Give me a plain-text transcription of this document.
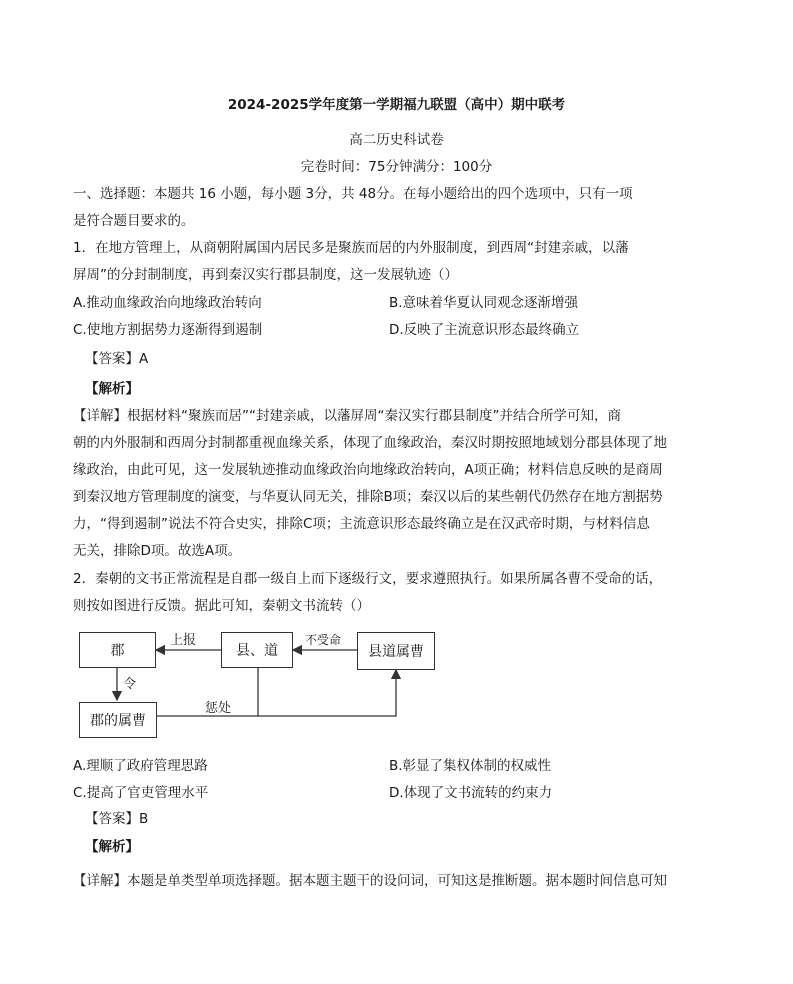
2024-2025学年度第一学期福九联盟（高中）期中联考
高二历史科试卷
完卷时间：75分钟满分：100分
一、选择题：本题共 16 小题，每小题 3分，共 48分。在每小题给出的四个选项中，只有一项
是符合题目要求的。
1．在地方管理上，从商朝附属国内居民多是聚族而居的内外服制度，到西周“封建亲戚，以藩
屏周”的分封制制度，再到秦汉实行郡县制度，这一发展轨迹（）
A.推动血缘政治向地缘政治转向	B.意味着华夏认同观念逐渐增强
C.使地方割据势力逐渐得到遏制	D.反映了主流意识形态最终确立
【答案】A
【解析】
【详解】根据材料“聚族而居”“封建亲戚，以藩屏周“秦汉实行郡县制度”并结合所学可知，商
朝的内外服制和西周分封制都重视血缘关系，体现了血缘政治，秦汉时期按照地域划分郡县体现了地
缘政治，由此可见，这一发展轨迹推动血缘政治向地缘政治转向，A项正确；材料信息反映的是商周
到秦汉地方管理制度的演变，与华夏认同无关，排除B项；秦汉以后的某些朝代仍然存在地方割据势
力，“得到遏制”说法不符合史实，排除C项；主流意识形态最终确立是在汉武帝时期，与材料信息
无关，排除D项。故选A项。
2．秦朝的文书正常流程是自郡一级自上而下逐级行文，要求遵照执行。如果所属各曹不受命的话，
则按如图进行反馈。据此可知，秦朝文书流转（）
郡	县、道	县道属曹
郡的属曹
上报	不受命
令
惩处
A.理顺了政府管理思路	B.彰显了集权体制的权威性
C.提高了官吏管理水平	D.体现了文书流转的约束力
【答案】B
【解析】
【详解】本题是单类型单项选择题。据本题主题干的设问词，可知这是推断题。据本题时间信息可知
